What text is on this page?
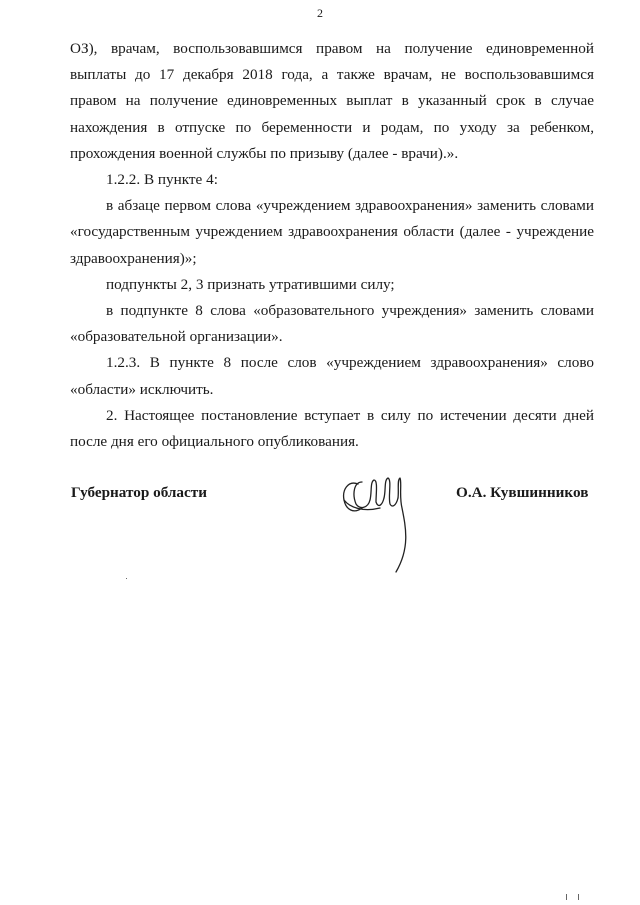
2

ОЗ), врачам, воспользовавшимся правом на получение единовременной выплаты до 17 декабря 2018 года, а также врачам, не воспользовавшимся правом на получение единовременных выплат в указанный срок в случае нахождения в отпуске по беременности и родам, по уходу за ребенком, прохождения военной службы по призыву (далее - врачи).».

1.2.2. В пункте 4:

в абзаце первом слова «учреждением здравоохранения» заменить словами «государственным учреждением здравоохранения области (далее - учреждение здравоохранения)»;

подпункты 2, 3 признать утратившими силу;

в подпункте 8 слова «образовательного учреждения» заменить словами «образовательной организации».

1.2.3. В пункте 8 после слов «учреждением здравоохранения» слово «области» исключить.

2. Настоящее постановление вступает в силу по истечении десяти дней после дня его официального опубликования.

Губернатор области	О.А. Кувшинников
